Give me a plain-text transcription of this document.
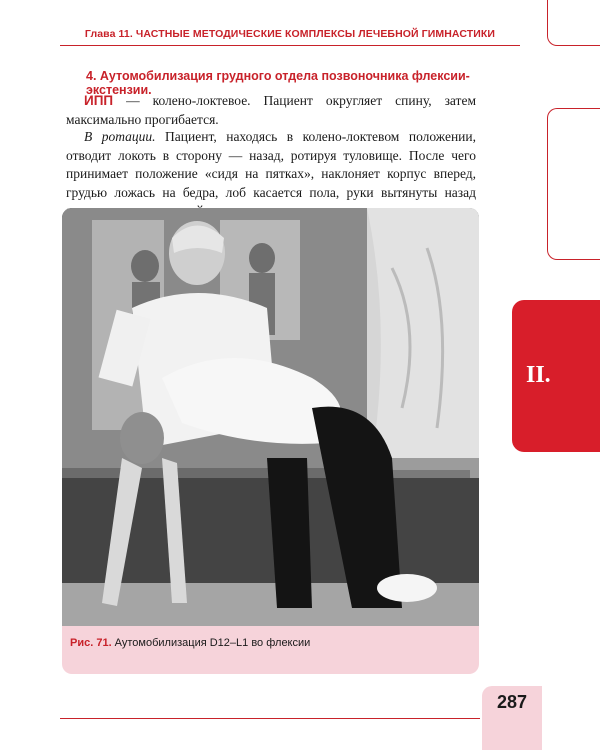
Глава 11. ЧАСТНЫЕ МЕТОДИЧЕСКИЕ КОМПЛЕКСЫ ЛЕЧЕБНОЙ ГИМНАСТИКИ
II.
4. Аутомобилизация грудного отдела позвоночника флексии-экстензии.

ИПП — колено-локтевое. Пациент округляет спину, затем максимально прогибается.

В ротации. Пациент, находясь в колено-локтевом положении, отводит локоть в сторону — назад, ротируя туловище. После чего принимает положение «сидя на пятках», наклоняет корпус вперед, грудью ложась на бедра, лоб касается пола, руки вытянуты назад

Рис. 71. Аутомобилизация D12–L1 во флексии
287
